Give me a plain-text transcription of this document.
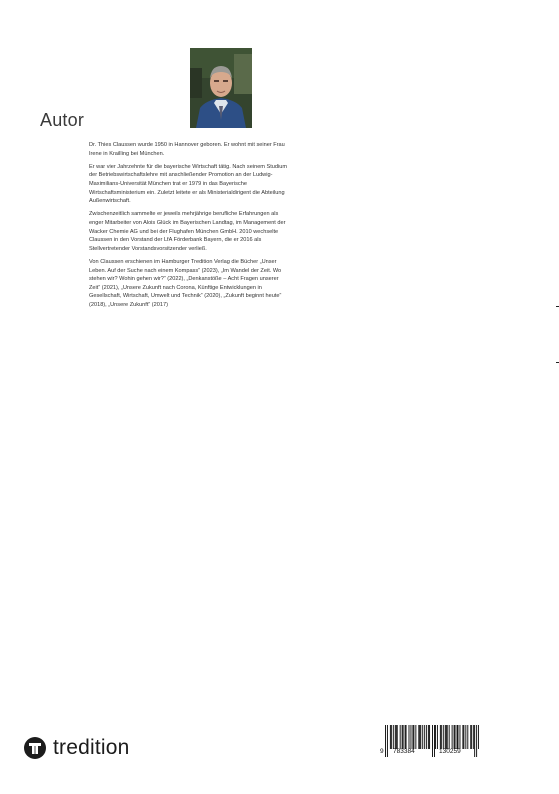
Autor

Dr. Thies Claussen wurde 1950 in Hannover geboren. Er wohnt mit seiner Frau Irene in Krailling bei München.

Er war vier Jahrzehnte für die bayerische Wirtschaft tätig. Nach seinem Studium der Betriebswirtschaftslehre mit anschließender Promotion an der Ludwig-Maximilians-Universität München trat er 1979 in das Bayerische Wirtschaftsministerium ein. Zuletzt leitete er als Ministerialdirigent die Abteilung Außenwirtschaft.

Zwischenzeitlich sammelte er jeweils mehrjährige berufliche Erfahrungen als enger Mitarbeiter von Alois Glück im Bayerischen Landtag, im Management der Wacker Chemie AG und bei der Flughafen München GmbH. 2010 wechselte Claussen in den Vorstand der LfA Förderbank Bayern, die er 2016 als Stellvertretender Vorstandsvorsitzender verließ.

Von Claussen erschienen im Hamburger Tredition Verlag die Bücher „Unser Leben. Auf der Suche nach einem Kompass“ (2023), „Im Wandel der Zeit. Wo stehen wir? Wohin gehen wir?“ (2022), „Denkanstöße – Acht Fragen unserer Zeit“ (2021), „Unsere Zukunft nach Corona, Künftige Entwicklungen in Gesellschaft, Wirtschaft, Umwelt und Technik“ (2020), „Zukunft beginnt heute“ (2018), „Unsere Zukunft“ (2017)

tredition	9 783384	130259
